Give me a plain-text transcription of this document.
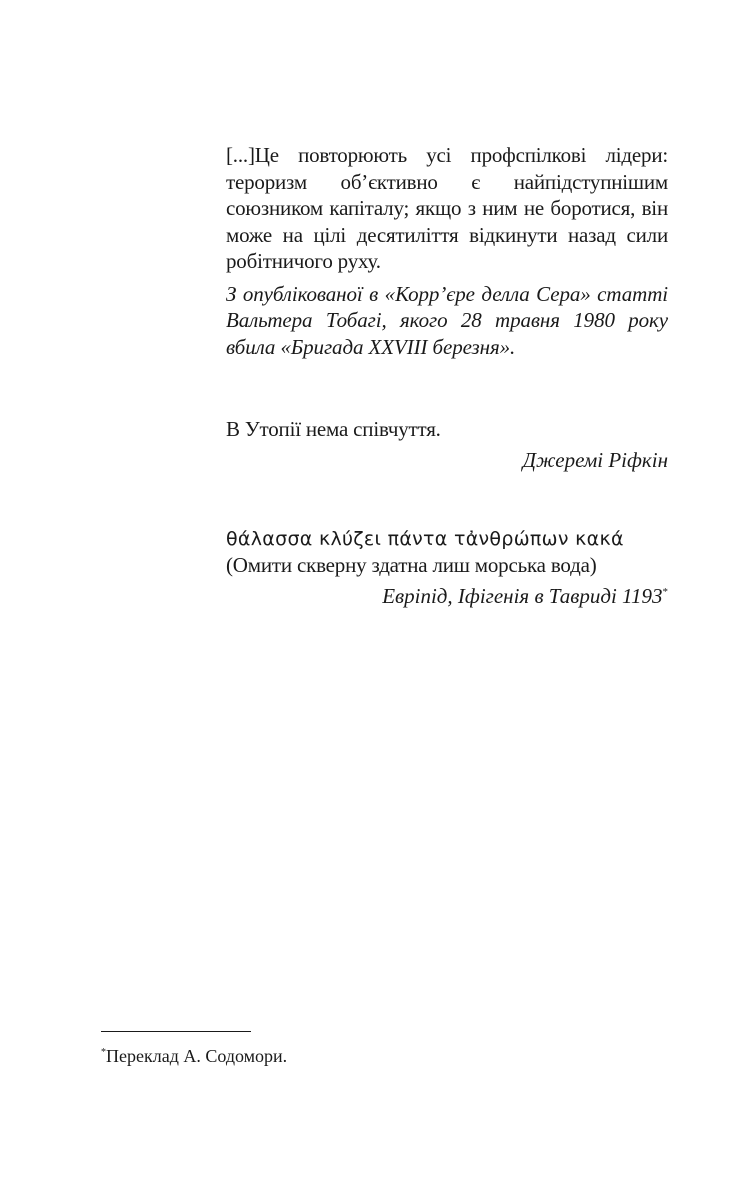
[...]Це повторюють усі профспілкові лідери: тероризм об’єктивно є найпідступнішим союзником капіталу; якщо з ним не боротися, він може на цілі десятиліття відкинути назад сили робітничого руху.

З опублікованої в «Корр’єре делла Сера» статті Вальтера Тобагі, якого 28 травня 1980 року вбила «Бригада XXVIII березня».

В Утопії нема співчуття.

Джеремі Ріфкін

θάλασσα κλύζει πάντα τἀνθρώπων κακά

(Омити скверну здатна лиш морська вода)

Евріпід, Іфігенія в Тавриді 1193*

*Переклад А. Содомори.
